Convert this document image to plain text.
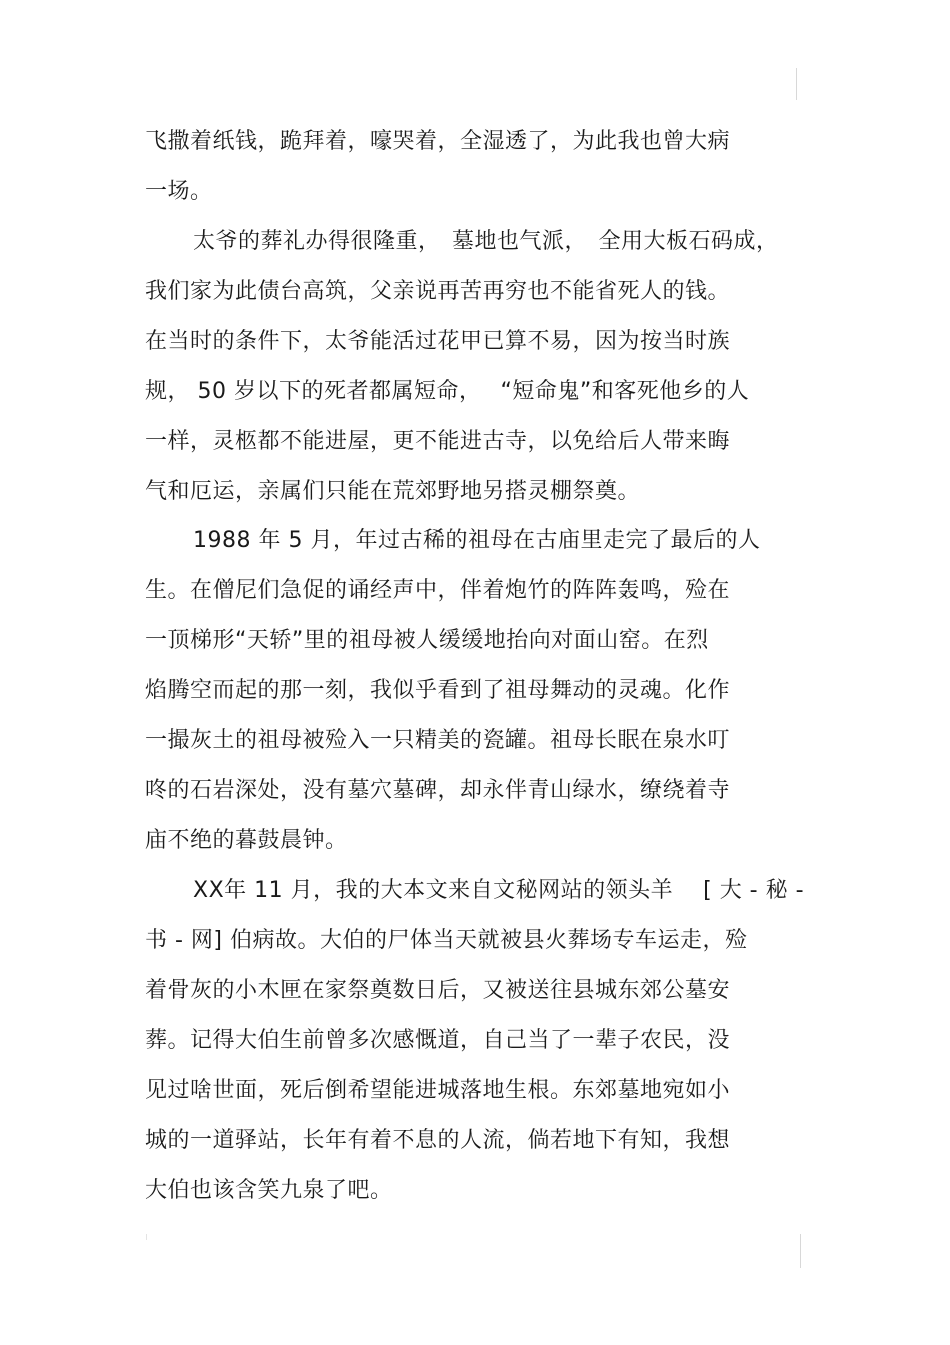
飞撒着纸钱，跪拜着，嚎哭着，全湿透了，为此我也曾大病
一场。
太爷的葬礼办得很隆重，　墓地也气派，　全用大板石码成，
我们家为此债台高筑，父亲说再苦再穷也不能省死人的钱。
在当时的条件下，太爷能活过花甲已算不易，因为按当时族
规， 50 岁以下的死者都属短命，　 “短命鬼”和客死他乡的人
一样，灵柩都不能进屋，更不能进古寺，以免给后人带来晦
气和厄运，亲属们只能在荒郊野地另搭灵棚祭奠。
1988 年 5 月，年过古稀的祖母在古庙里走完了最后的人
生。在僧尼们急促的诵经声中，伴着炮竹的阵阵轰鸣，殓在
一顶梯形“天轿”里的祖母被人缓缓地抬向对面山窑。在烈
焰腾空而起的那一刻，我似乎看到了祖母舞动的灵魂。化作
一撮灰土的祖母被殓入一只精美的瓷罐。祖母长眠在泉水叮
咚的石岩深处，没有墓穴墓碑，却永伴青山绿水，缭绕着寺
庙不绝的暮鼓晨钟。
XX年 11 月，我的大本文来自文秘网站的领头羊　 [ 大 - 秘 -
书 - 网] 伯病故。大伯的尸体当天就被县火葬场专车运走，殓
着骨灰的小木匣在家祭奠数日后，又被送往县城东郊公墓安
葬。记得大伯生前曾多次感慨道，自己当了一辈子农民，没
见过啥世面，死后倒希望能进城落地生根。东郊墓地宛如小
城的一道驿站，长年有着不息的人流，倘若地下有知，我想
大伯也该含笑九泉了吧。
